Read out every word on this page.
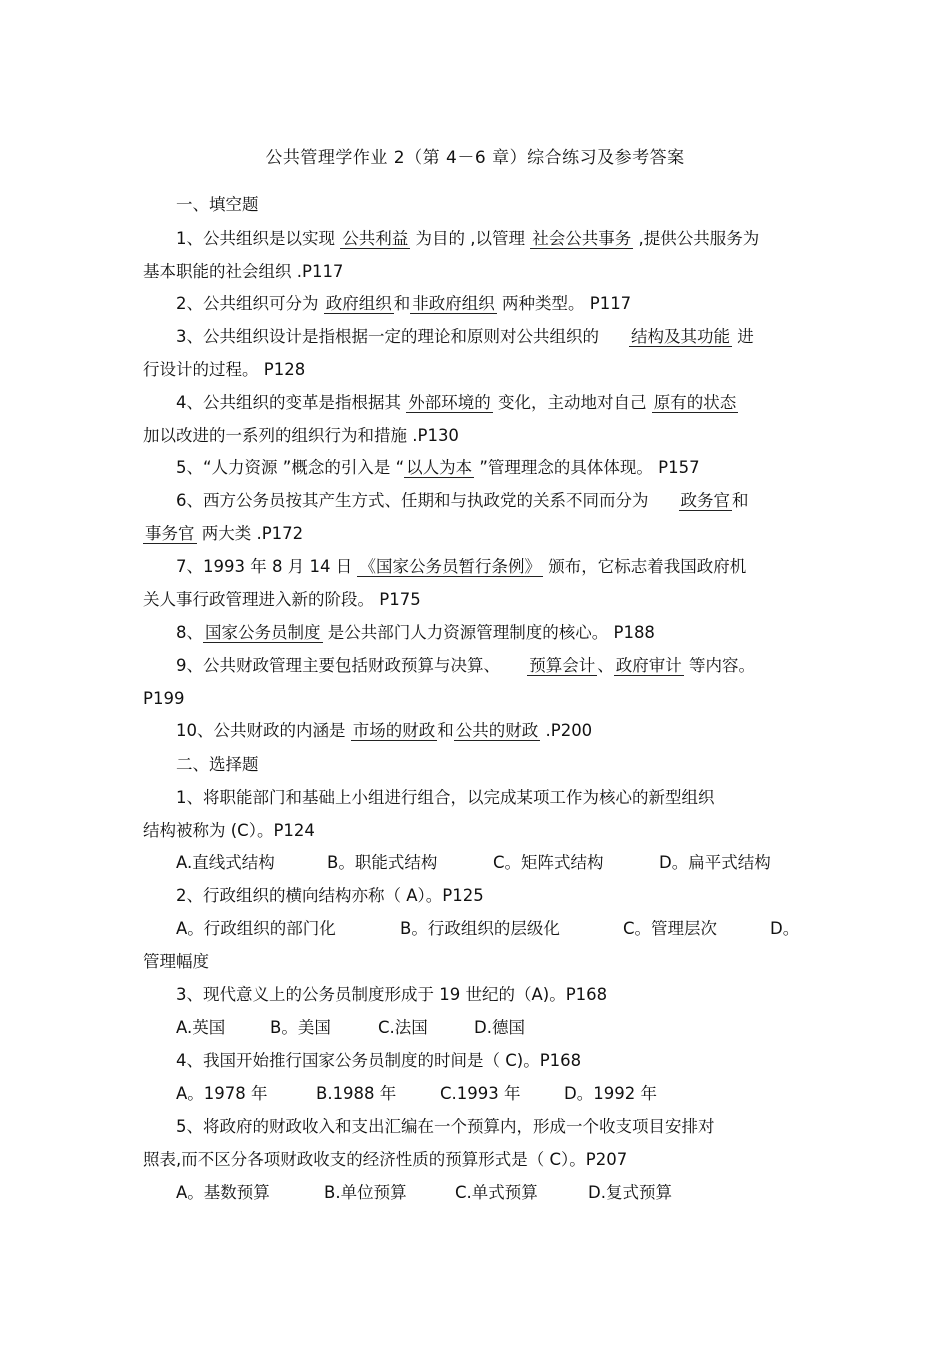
公共管理学作业 2（第 4－6 章）综合练习及参考答案
一、填空题
1、公共组织是以实现 公共利益 为目的 ,以管理 社会公共事务 ,提供公共服务为
基本职能的社会组织 .P117
2、公共组织可分为 政府组织 和 非政府组织 两种类型。 P117
3、公共组织设计是指根据一定的理论和原则对公共组织的 结构及其功能 进
行设计的过程。 P128
4、公共组织的变革是指根据其 外部环境的 变化，主动地对自己 原有的状态
加以改进的一系列的组织行为和措施 .P130
5、“人力资源 ”概念的引入是 “ 以人为本 ”管理理念的具体体现。 P157
6、西方公务员按其产生方式、任期和与执政党的关系不同而分为 政务官 和
事务官 两大类 .P172
7、1993 年 8 月 14 日 《国家公务员暂行条例》 颁布，它标志着我国政府机
关人事行政管理进入新的阶段。 P175
8、 国家公务员制度 是公共部门人力资源管理制度的核心。 P188
9、公共财政管理主要包括财政预算与决算、 预算会计 、 政府审计 等内容。
P199
10、公共财政的内涵是 市场的财政 和 公共的财政 .P200
二、选择题
1、将职能部门和基础上小组进行组合，以完成某项工作为核心的新型组织
结构被称为 (C）。P124
A.直线式结构	B。职能式结构	C。矩阵式结构	D。扁平式结构
2、行政组织的横向结构亦称（ A）。P125
A。行政组织的部门化	B。行政组织的层级化	C。管理层次	D。
管理幅度
3、现代意义上的公务员制度形成于 19 世纪的（A)。P168
A.英国	B。美国	C.法国	D.德国
4、我国开始推行国家公务员制度的时间是（ C)。P168
A。1978 年	B.1988 年	C.1993 年	D。1992 年
5、将政府的财政收入和支出汇编在一个预算内，形成一个收支项目安排对
照表,而不区分各项财政收支的经济性质的预算形式是（ C）。P207
A。基数预算	B.单位预算	C.单式预算	D.复式预算
